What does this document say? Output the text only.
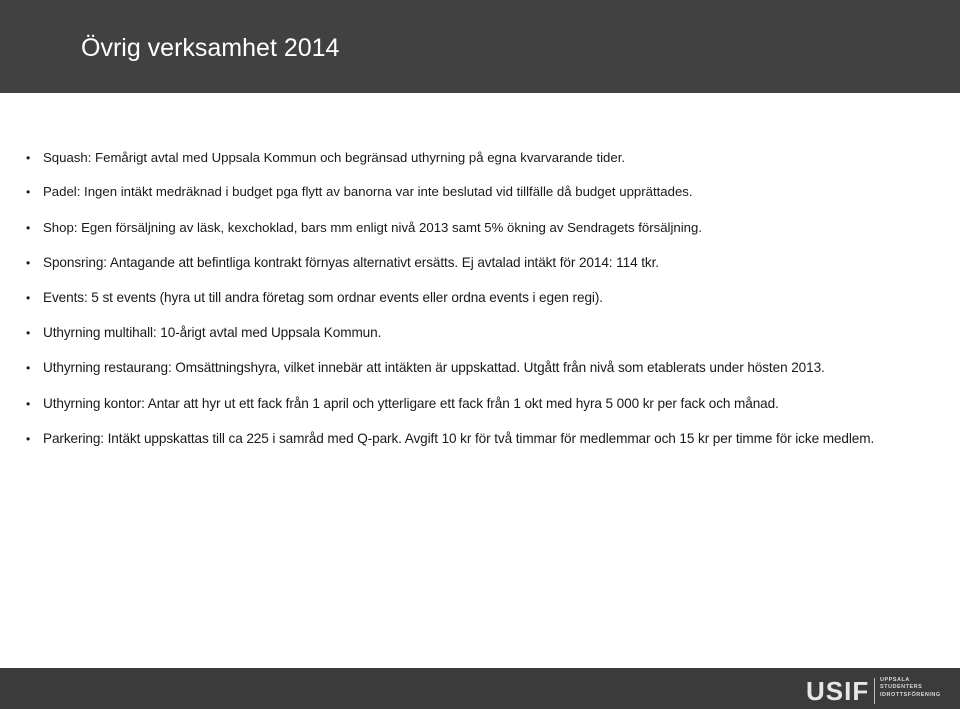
Övrig verksamhet 2014
• Squash: Femårigt avtal med Uppsala Kommun och begränsad uthyrning på egna kvarvarande tider.
• Padel: Ingen intäkt medräknad i budget pga flytt av banorna var inte beslutad vid tillfälle då budget upprättades.
• Shop: Egen försäljning av läsk, kexchoklad, bars mm enligt nivå 2013 samt 5% ökning av Sendragets försäljning.
• Sponsring: Antagande att befintliga kontrakt förnyas alternativt ersätts. Ej avtalad intäkt för 2014: 114 tkr.
• Events: 5 st events (hyra ut till andra företag som ordnar events eller ordna events i egen regi).
• Uthyrning multihall: 10-årigt avtal med Uppsala Kommun.
• Uthyrning restaurang: Omsättningshyra, vilket innebär att intäkten är uppskattad. Utgått från nivå som etablerats under hösten 2013.
• Uthyrning kontor: Antar att hyr ut ett fack från 1 april och ytterligare ett fack från 1 okt med hyra 5 000 kr per fack och månad.
• Parkering: Intäkt uppskattas till ca 225 i samråd med Q-park. Avgift 10 kr för två timmar för medlemmar och 15 kr per timme för icke medlem.
USIF UPPSALA
STUDENTERS
IDROTTSFÖRENING
